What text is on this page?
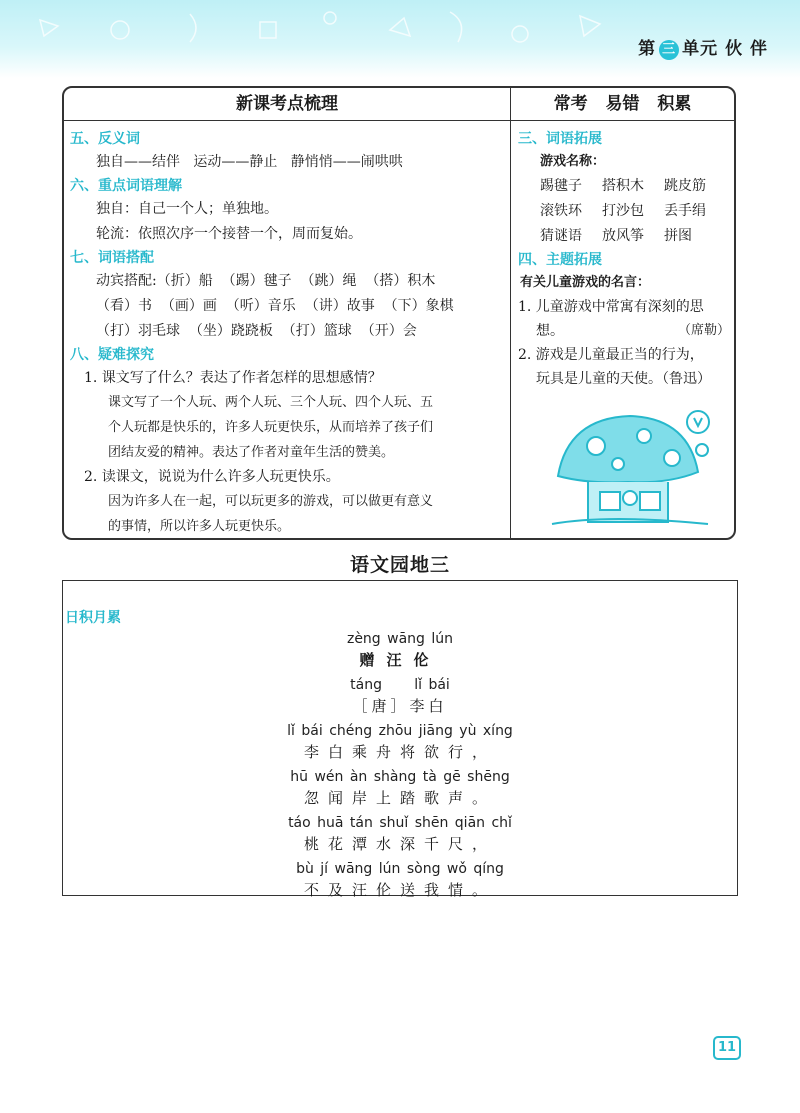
第 三 单元 伙 伴
新课考点梳理	常考 易错 积累
五、反义词
独自——结伴   运动——静止   静悄悄——闹哄哄
六、重点词语理解
独自：自己一个人；单独地。
轮流：依照次序一个接替一个，周而复始。
七、词语搭配
动宾搭配:（折）船  （踢）毽子  （跳）绳  （搭）积木
（看）书  （画）画  （听）音乐  （讲）故事  （下）象棋
（打）羽毛球  （坐）跷跷板  （打）篮球  （开）会
八、疑难探究
1. 课文写了什么？表达了作者怎样的思想感情？
课文写了一个人玩、两个人玩、三个人玩、四个人玩、五
个人玩都是快乐的，许多人玩更快乐，从而培养了孩子们
团结友爱的精神。表达了作者对童年生活的赞美。
2. 读课文，说说为什么许多人玩更快乐。
因为许多人在一起，可以玩更多的游戏，可以做更有意义
的事情，所以许多人玩更快乐。
三、词语拓展
游戏名称：
踢毽子 搭积木 跳皮筋
滚铁环 打沙包 丢手绢
猜谜语 放风筝 拼图
四、主题拓展
有关儿童游戏的名言：
1. 儿童游戏中常寓有深刻的思
想。	（席勒）
2. 游戏是儿童最正当的行为，
玩具是儿童的天使。（鲁迅）
语文园地三
日积月累
zèng wāng lún
赠汪伦
táng     lǐ bái
［唐］李白
lǐ bái chéng zhōu jiāng yù xíng
李白乘舟将欲行，
hū wén àn shàng tà gē shēng
忽闻岸上踏歌声。
táo huā tán shuǐ shēn qiān chǐ
桃花潭水深千尺，
bù jí wāng lún sòng wǒ qíng
不及汪伦送我情。
11
